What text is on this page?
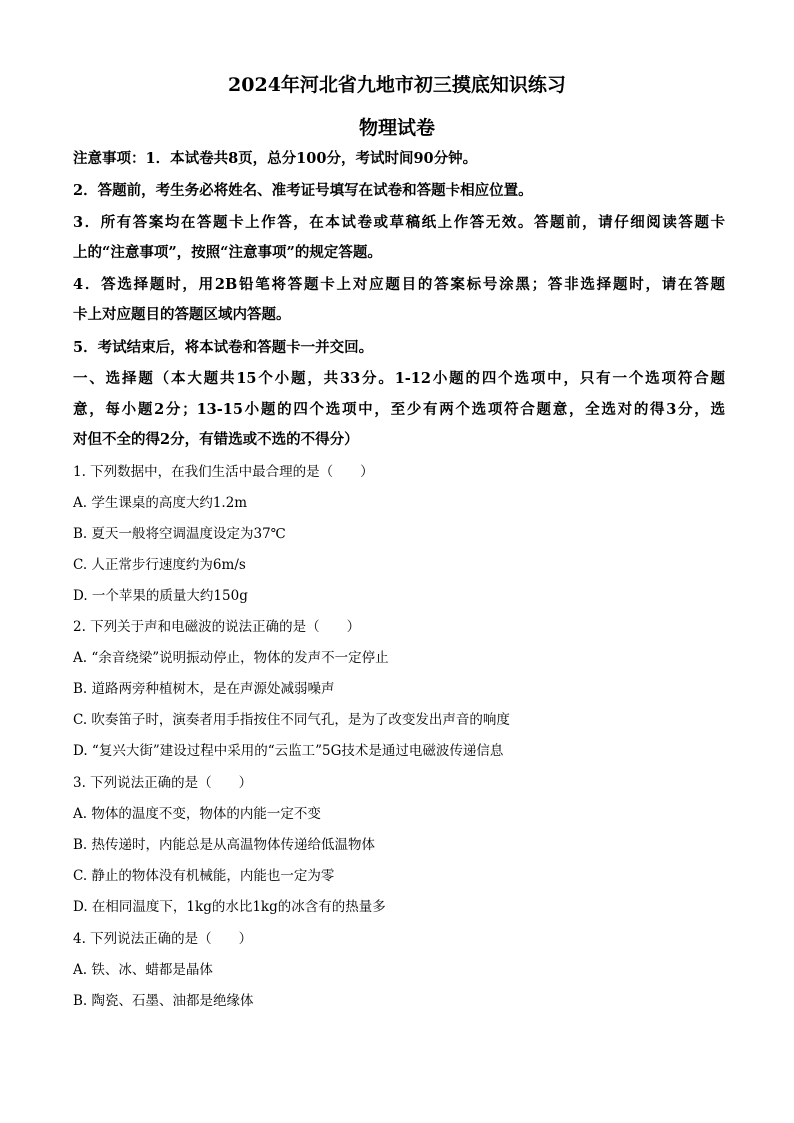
2024年河北省九地市初三摸底知识练习
物理试卷
注意事项：1．本试卷共8页，总分100分，考试时间90分钟。
2．答题前，考生务必将姓名、准考证号填写在试卷和答题卡相应位置。
3．所有答案均在答题卡上作答，在本试卷或草稿纸上作答无效。答题前，请仔细阅读答题卡
上的“注意事项”，按照“注意事项”的规定答题。
4．答选择题时，用2B铅笔将答题卡上对应题目的答案标号涂黑；答非选择题时，请在答题
卡上对应题目的答题区域内答题。
5．考试结束后，将本试卷和答题卡一并交回。
一、选择题（本大题共15个小题，共33分。1-12小题的四个选项中，只有一个选项符合题
意，每小题2分；13-15小题的四个选项中，至少有两个选项符合题意，全选对的得3分，选
对但不全的得2分，有错选或不选的不得分）
1. 下列数据中，在我们生活中最合理的是（　　）
A. 学生课桌的高度大约1.2m
B. 夏天一般将空调温度设定为37℃
C. 人正常步行速度约为6m/s
D. 一个苹果的质量大约150g
2. 下列关于声和电磁波的说法正确的是（　　）
A. “余音绕梁”说明振动停止，物体的发声不一定停止
B. 道路两旁种植树木，是在声源处减弱噪声
C. 吹奏笛子时，演奏者用手指按住不同气孔，是为了改变发出声音的响度
D. “复兴大街”建设过程中采用的“云监工”5G技术是通过电磁波传递信息
3. 下列说法正确的是（　　）
A. 物体的温度不变，物体的内能一定不变
B. 热传递时，内能总是从高温物体传递给低温物体
C. 静止的物体没有机械能，内能也一定为零
D. 在相同温度下，1kg的水比1kg的冰含有的热量多
4. 下列说法正确的是（　　）
A. 铁、冰、蜡都是晶体
B. 陶瓷、石墨、油都是绝缘体
